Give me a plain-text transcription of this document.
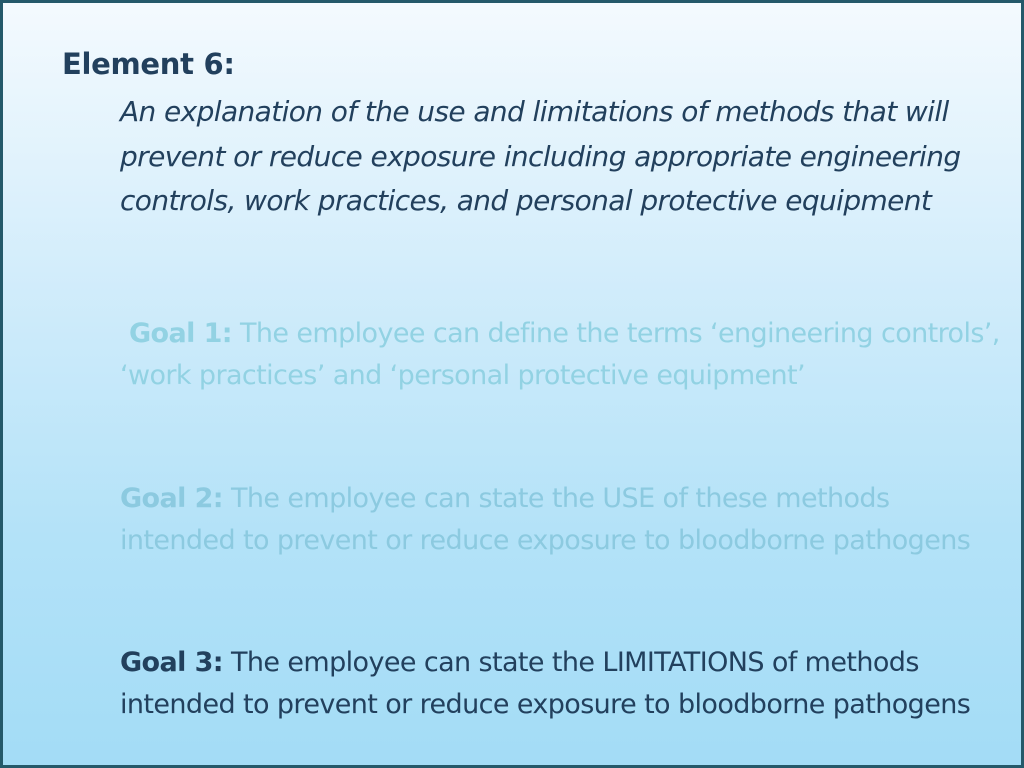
Element 6:
An explanation of the use and limitations of methods that will prevent or reduce exposure including appropriate engineering controls, work practices, and personal protective equipment
Goal 1: The employee can define the terms ‘engineering controls’, ‘work practices’ and ‘personal protective equipment’
Goal 2: The employee can state the USE of these methods intended to prevent or reduce exposure to bloodborne pathogens
Goal 3: The employee can state the LIMITATIONS of methods intended to prevent or reduce exposure to bloodborne pathogens
